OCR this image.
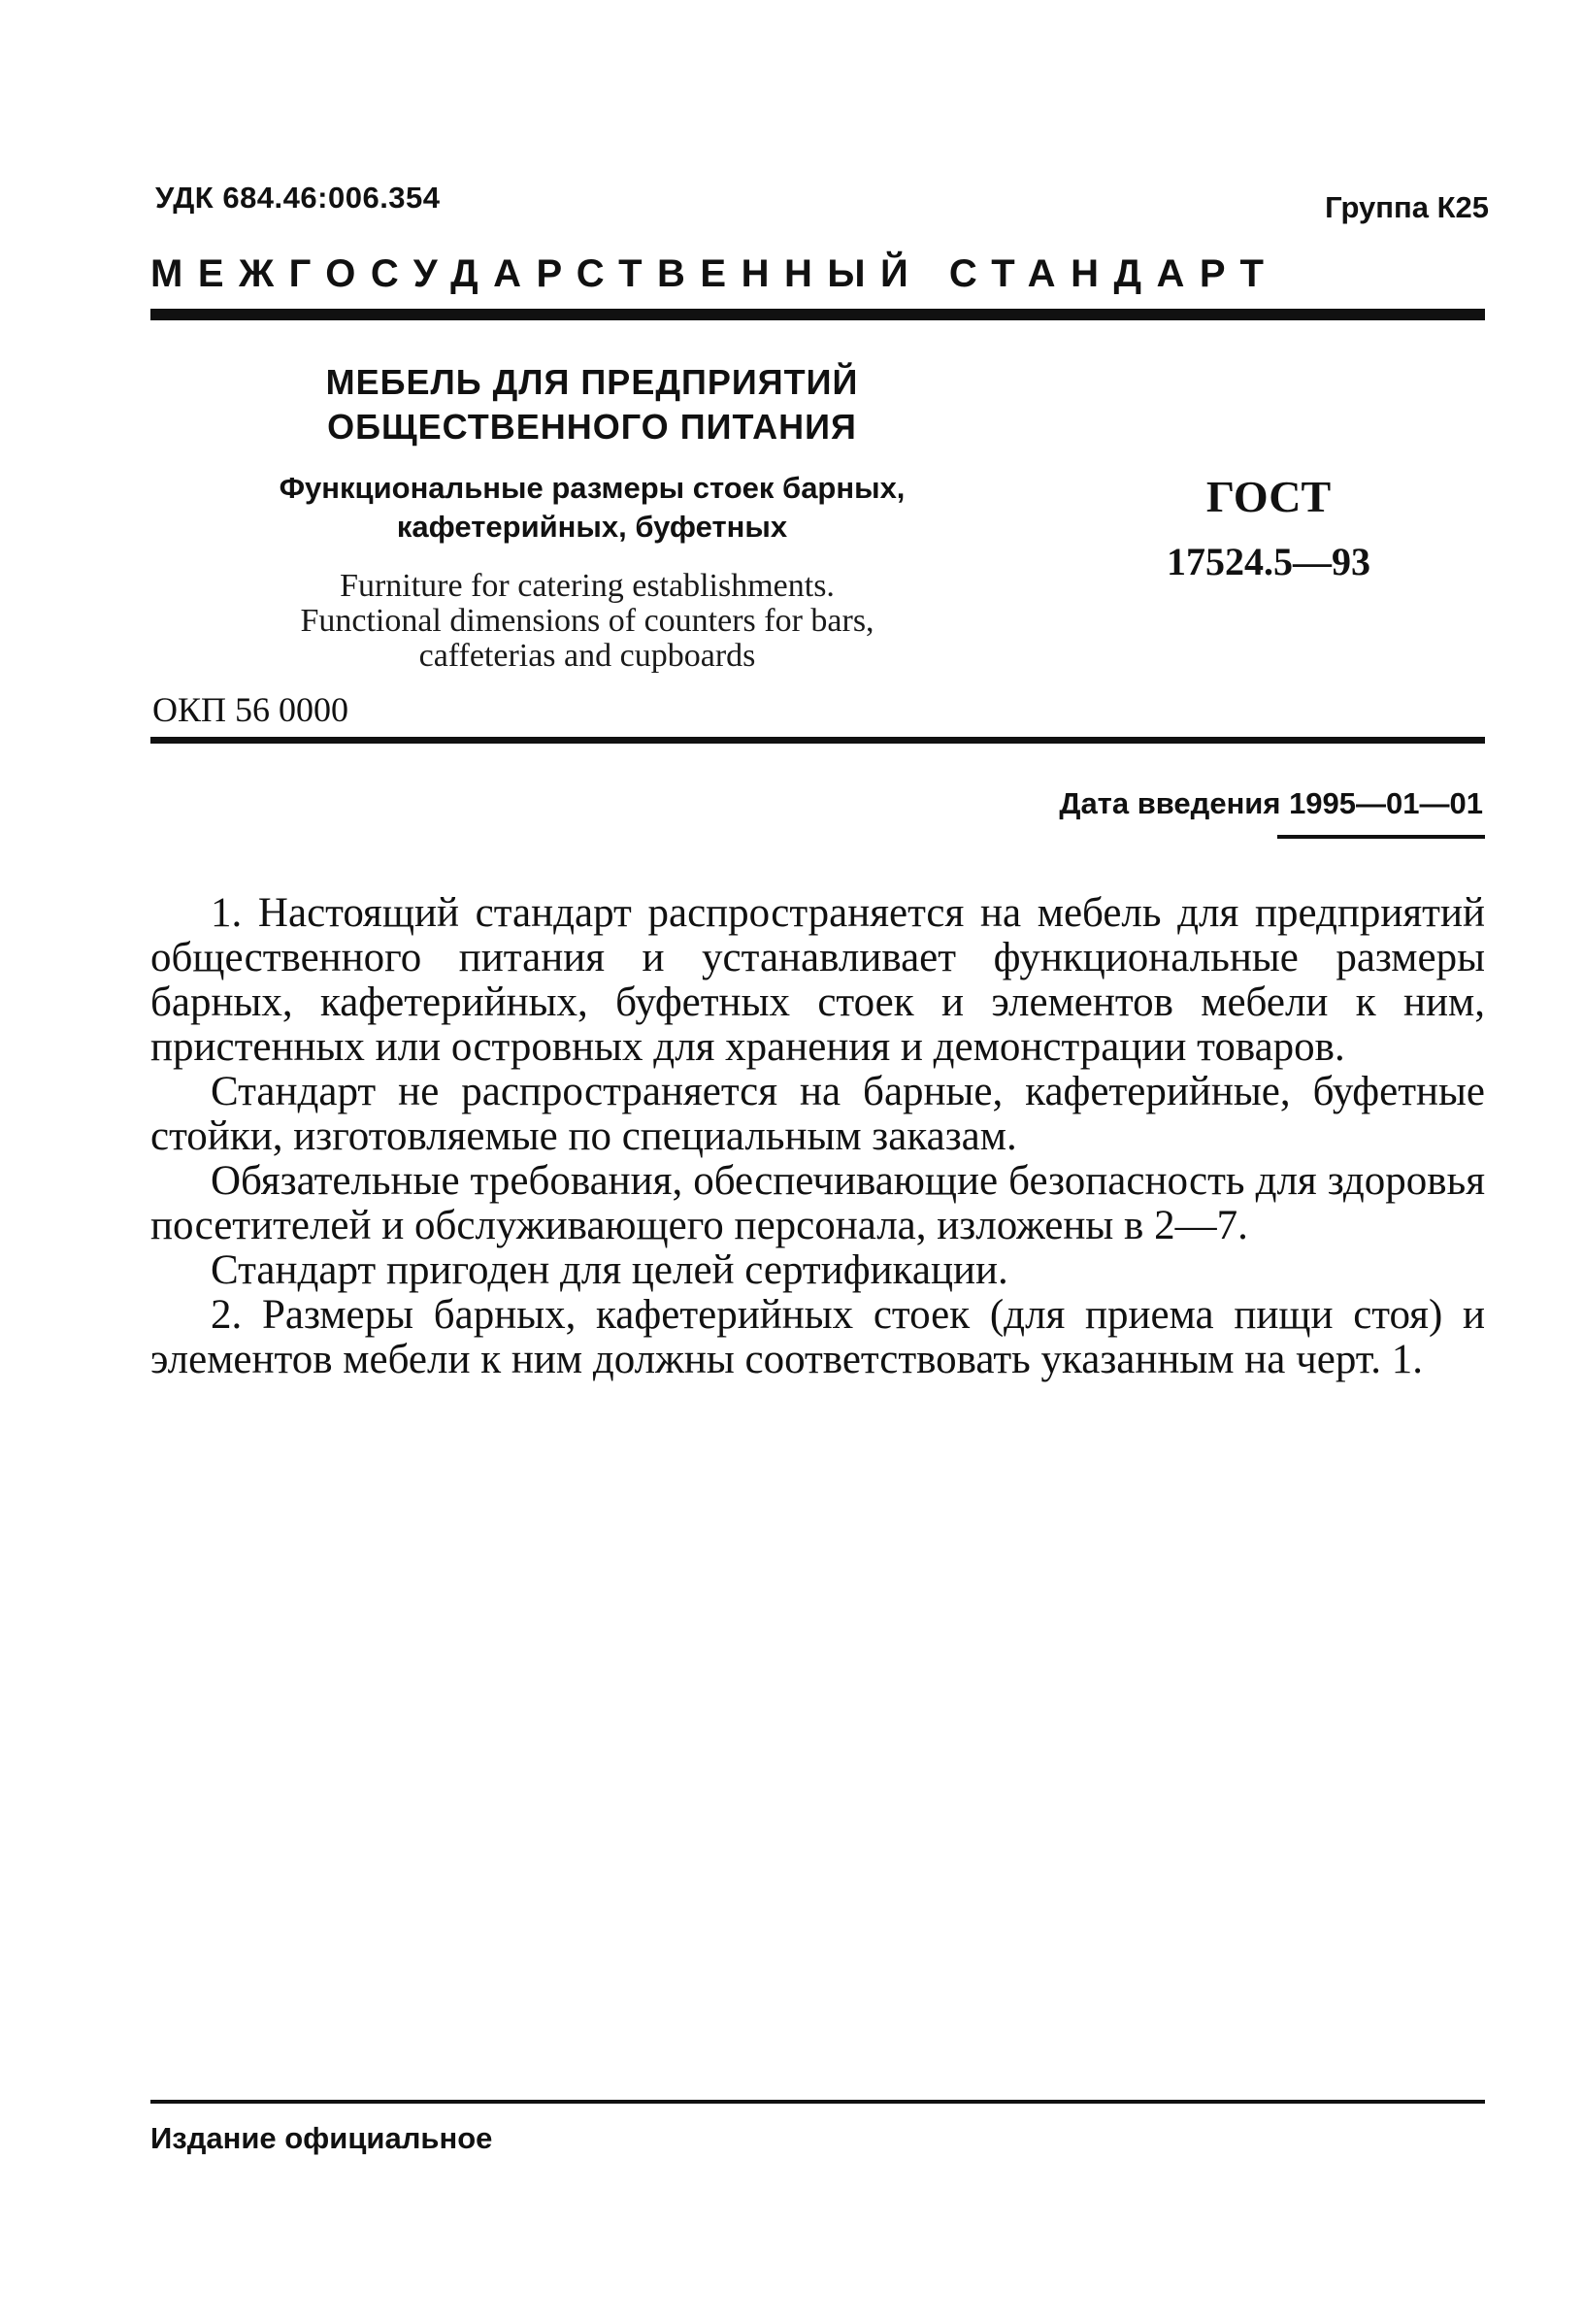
УДК 684.46:006.354	Группа К25
МЕЖГОСУДАРСТВЕННЫЙ СТАНДАРТ
МЕБЕЛЬ ДЛЯ ПРЕДПРИЯТИЙ
ОБЩЕСТВЕННОГО ПИТАНИЯ
Функциональные размеры стоек барных,
кафетерийных, буфетных
Furniture for catering establishments.
Functional dimensions of counters for bars,
caffeterias and cupboards
ОКП 56 0000
ГОСТ
17524.5—93
Дата введения 1995—01—01

1. Настоящий стандарт распространяется на мебель для предприятий общественного питания и устанавливает функциональные размеры барных, кафетерийных, буфетных стоек и элементов мебели к ним, пристенных или островных для хранения и демонстрации товаров.

Стандарт не распространяется на барные, кафетерийные, буфетные стойки, изготовляемые по специальным заказам.

Обязательные требования, обеспечивающие безопасность для здоровья посетителей и обслуживающего персонала, изложены в 2—7.

Стандарт пригоден для целей сертификации.

2. Размеры барных, кафетерийных стоек (для приема пищи стоя) и элементов мебели к ним должны соответствовать указанным на черт. 1.

Издание официальное
